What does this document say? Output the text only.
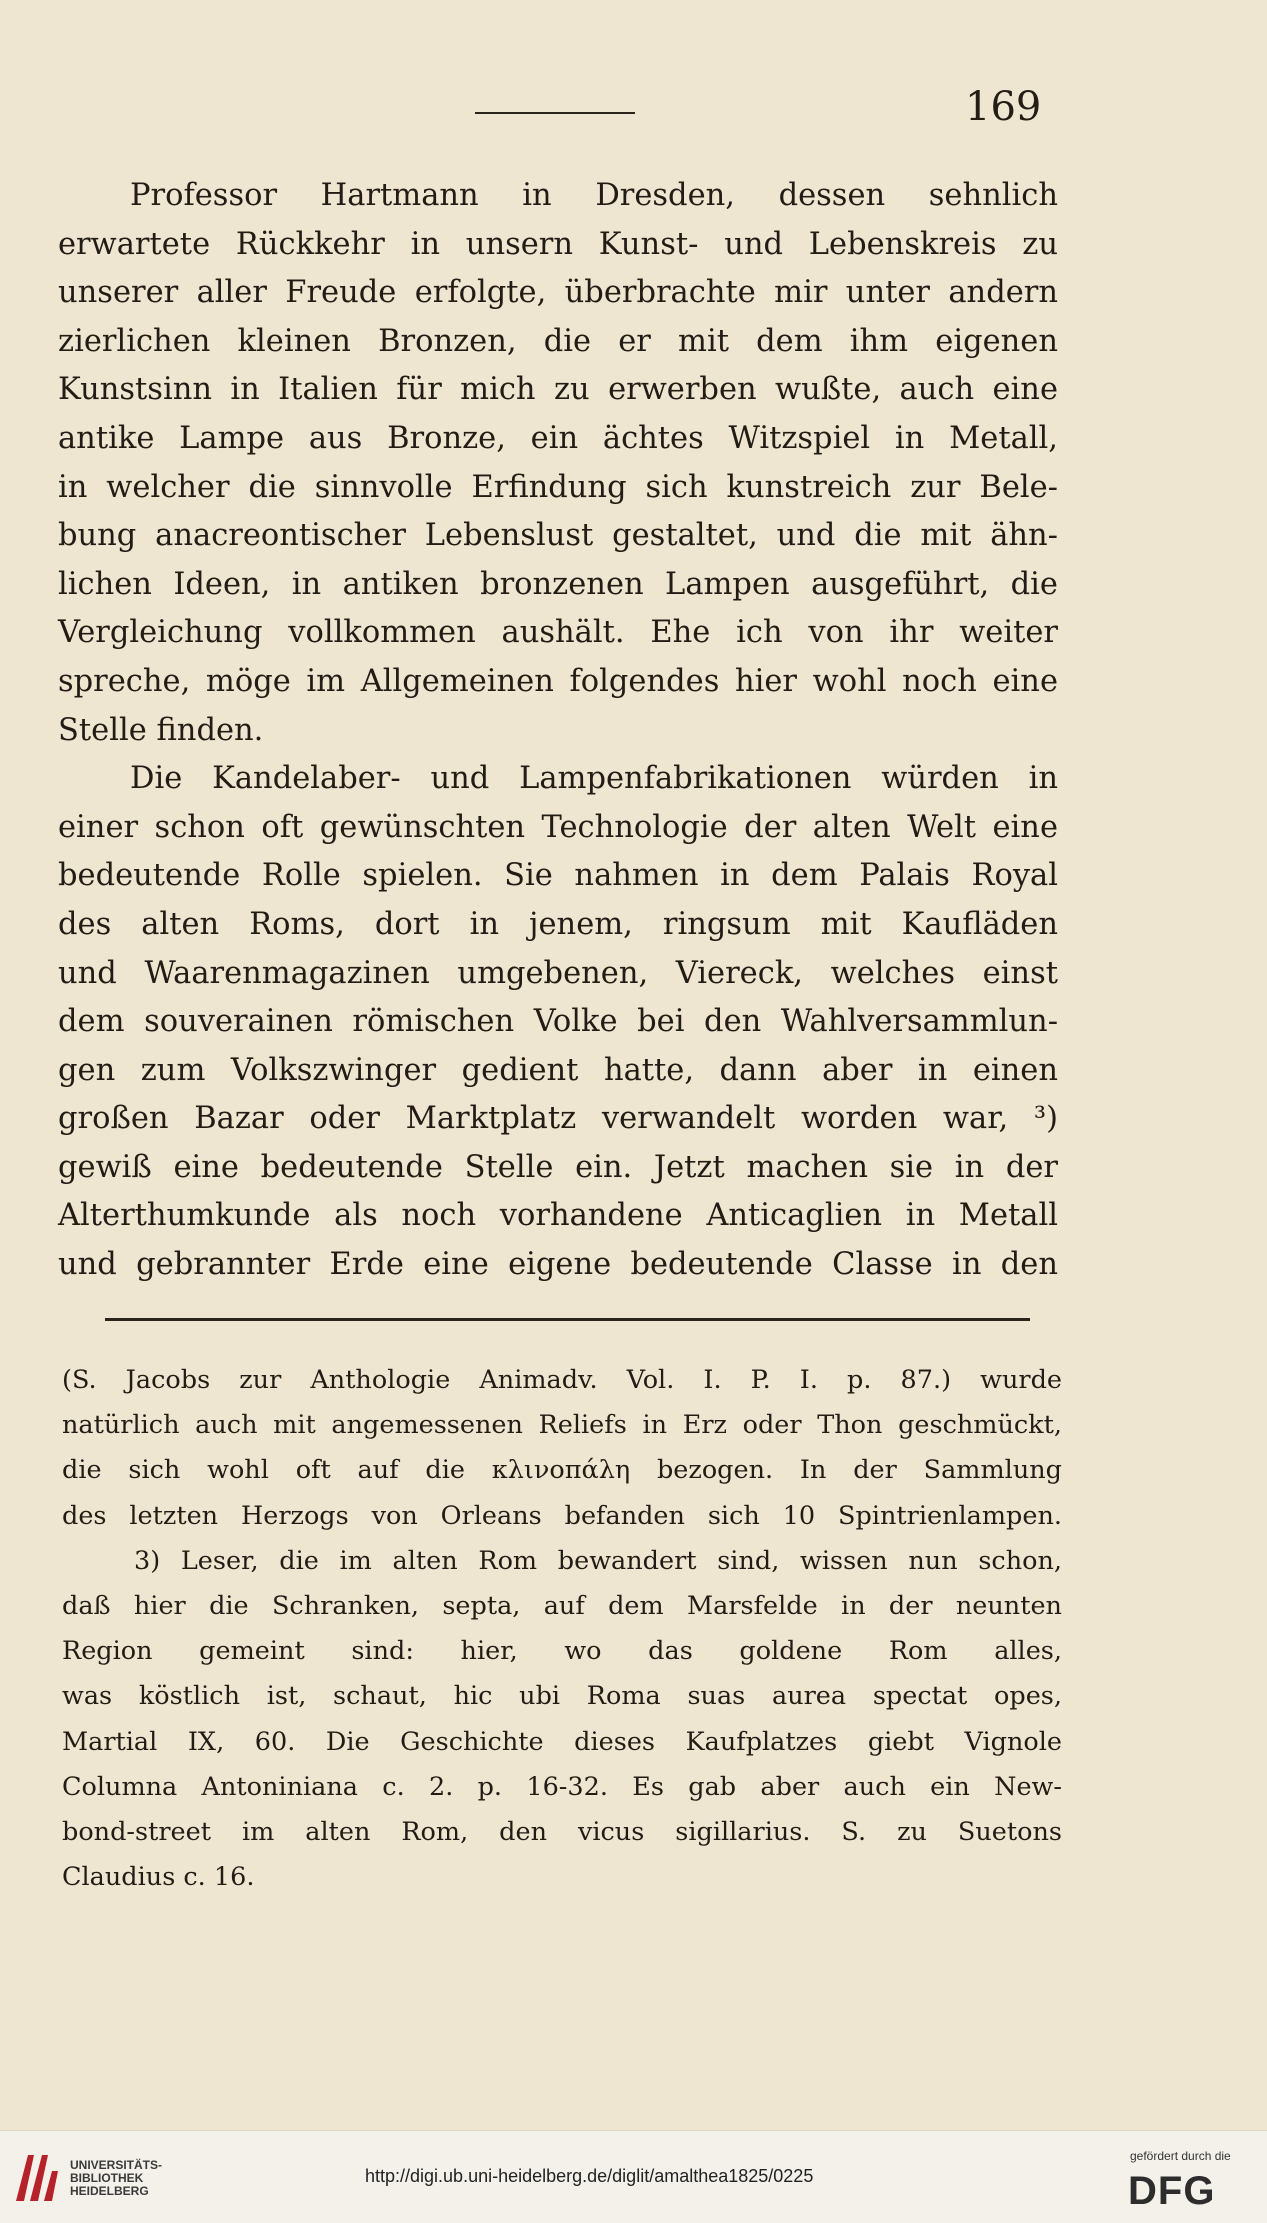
169
Professor Hartmann in Dresden, dessen sehnlich
erwartete Rückkehr in unsern Kunst- und Lebenskreis zu
unserer aller Freude erfolgte, überbrachte mir unter andern
zierlichen kleinen Bronzen, die er mit dem ihm eigenen
Kunstsinn in Italien für mich zu erwerben wußte, auch eine
antike Lampe aus Bronze, ein ächtes Witzspiel in Metall,
in welcher die sinnvolle Erfindung sich kunstreich zur Bele-
bung anacreontischer Lebenslust gestaltet, und die mit ähn-
lichen Ideen, in antiken bronzenen Lampen ausgeführt, die
Vergleichung vollkommen aushält. Ehe ich von ihr weiter
spreche, möge im Allgemeinen folgendes hier wohl noch eine
Stelle finden.
Die Kandelaber- und Lampenfabrikationen würden in
einer schon oft gewünschten Technologie der alten Welt eine
bedeutende Rolle spielen. Sie nahmen in dem Palais Royal
des alten Roms, dort in jenem, ringsum mit Kaufläden
und Waarenmagazinen umgebenen, Viereck, welches einst
dem souverainen römischen Volke bei den Wahlversammlun-
gen zum Volkszwinger gedient hatte, dann aber in einen
großen Bazar oder Marktplatz verwandelt worden war, ³)
gewiß eine bedeutende Stelle ein. Jetzt machen sie in der
Alterthumkunde als noch vorhandene Anticaglien in Metall
und gebrannter Erde eine eigene bedeutende Classe in den
(S. Jacobs zur Anthologie Animadv. Vol. I. P. I. p. 87.) wurde
natürlich auch mit angemessenen Reliefs in Erz oder Thon geschmückt,
die sich wohl oft auf die κλινοπάλη bezogen. In der Sammlung
des letzten Herzogs von Orleans befanden sich 10 Spintrienlampen.
3) Leser, die im alten Rom bewandert sind, wissen nun schon,
daß hier die Schranken, septa, auf dem Marsfelde in der neunten
Region gemeint sind: hier, wo das goldene Rom alles,
was köstlich ist, schaut, hic ubi Roma suas aurea spectat opes,
Martial IX, 60. Die Geschichte dieses Kaufplatzes giebt Vignole
Columna Antoniniana c. 2. p. 16-32. Es gab aber auch ein New-
bond-street im alten Rom, den vicus sigillarius. S. zu Suetons
Claudius c. 16.
UNIVERSITÄTS-
BIBLIOTHEK
HEIDELBERG
http://digi.ub.uni-heidelberg.de/diglit/amalthea1825/0225
gefördert durch die
DFG
